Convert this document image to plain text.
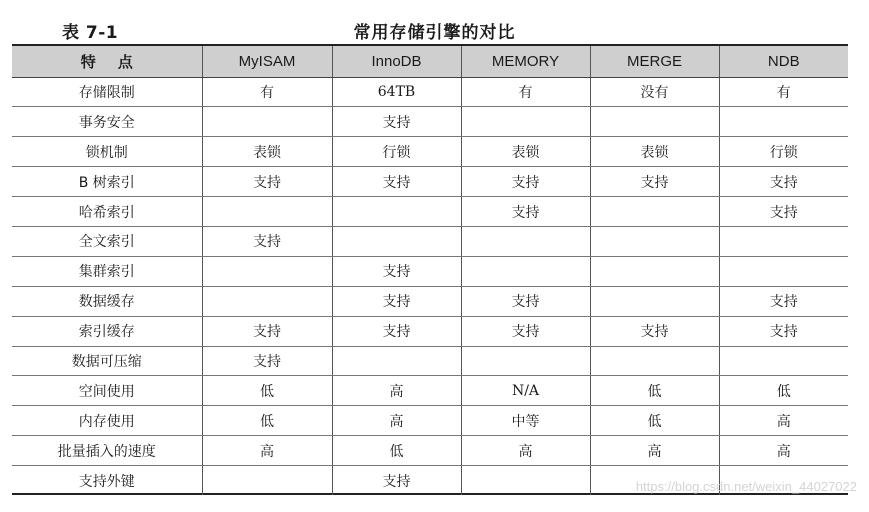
表 7-1	常用存储引擎的对比
特点	MyISAM	InnoDB	MEMORY	MERGE	NDB
存储限制	有	64TB	有	没有	有
事务安全		支持			
锁机制	表锁	行锁	表锁	表锁	行锁
B 树索引	支持	支持	支持	支持	支持
哈希索引			支持		支持
全文索引	支持				
集群索引		支持			
数据缓存		支持	支持		支持
索引缓存	支持	支持	支持	支持	支持
数据可压缩	支持				
空间使用	低	高	N/A	低	低
内存使用	低	高	中等	低	高
批量插入的速度	高	低	高	高	高
支持外键		支持				https://blog.csdn.net/weixin_44027022
